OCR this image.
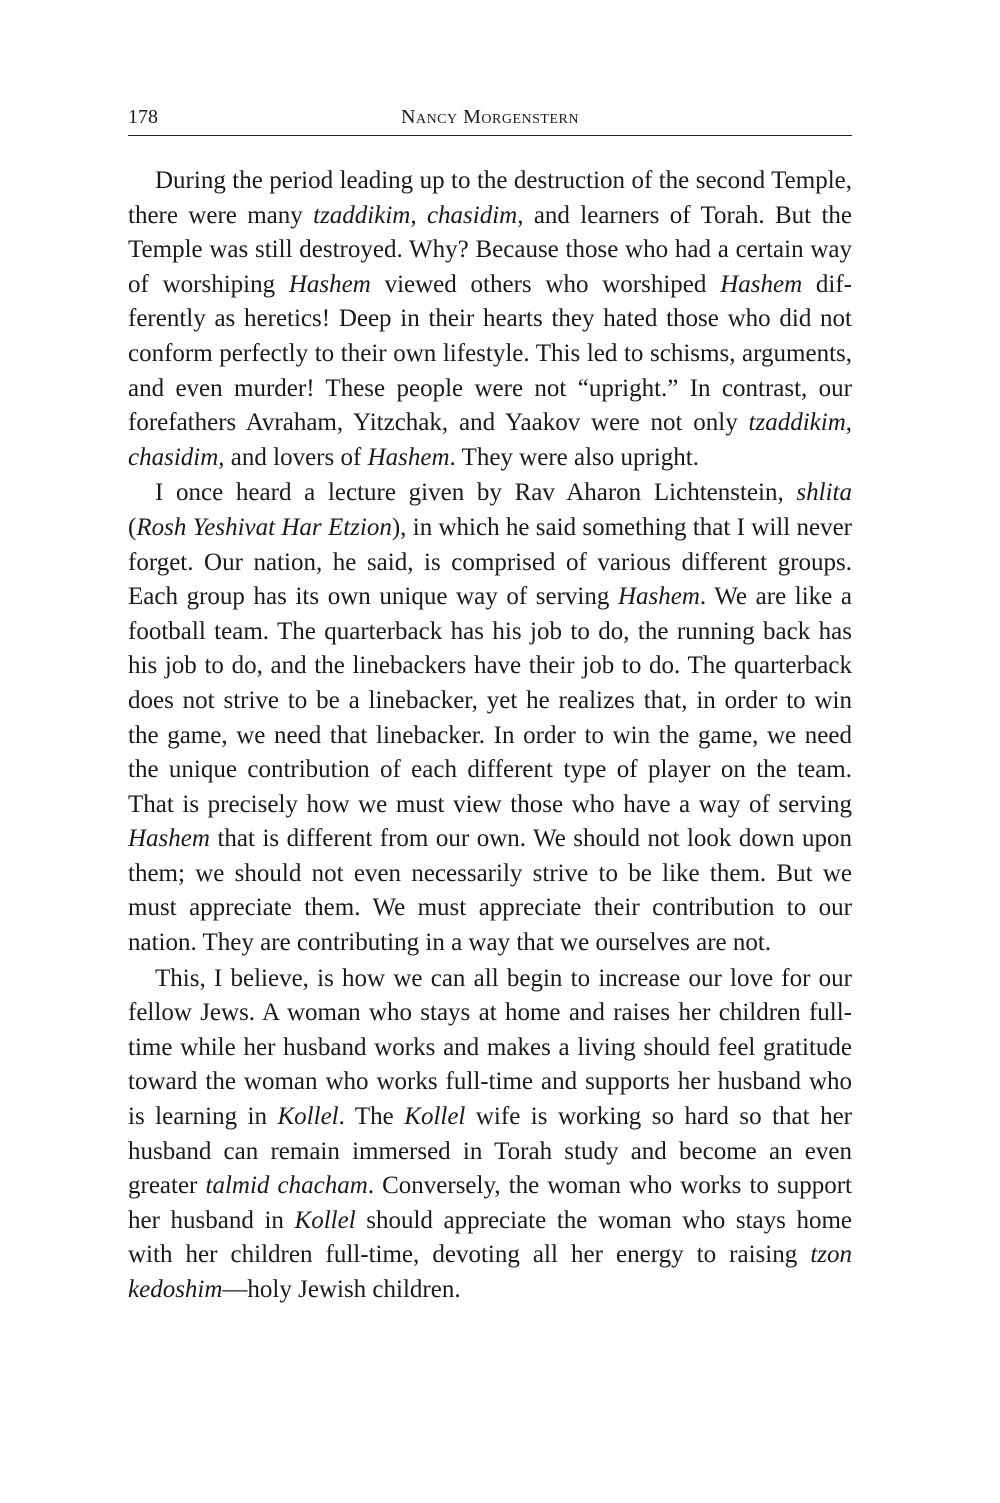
178	Nancy Morgenstern

During the period leading up to the destruction of the second Temple, there were many tzaddikim, chasidim, and learners of Torah. But the Temple was still destroyed. Why? Because those who had a certain way of worshiping Hashem viewed others who worshiped Hashem differently as heretics! Deep in their hearts they hated those who did not conform perfectly to their own lifestyle. This led to schisms, arguments, and even murder! These people were not “upright.” In contrast, our forefathers Avraham, Yitzchak, and Yaakov were not only tzaddikim, chasidim, and lovers of Hashem. They were also upright.

I once heard a lecture given by Rav Aharon Lichtenstein, shlita (Rosh Yeshivat Har Etzion), in which he said something that I will never forget. Our nation, he said, is comprised of various different groups. Each group has its own unique way of serving Hashem. We are like a football team. The quarterback has his job to do, the running back has his job to do, and the linebackers have their job to do. The quarterback does not strive to be a linebacker, yet he realizes that, in order to win the game, we need that linebacker. In order to win the game, we need the unique contribution of each different type of player on the team. That is precisely how we must view those who have a way of serving Hashem that is different from our own. We should not look down upon them; we should not even necessarily strive to be like them. But we must appreciate them. We must appreciate their contribution to our nation. They are contributing in a way that we ourselves are not.

This, I believe, is how we can all begin to increase our love for our fellow Jews. A woman who stays at home and raises her children full-time while her husband works and makes a living should feel gratitude toward the woman who works full-time and supports her husband who is learning in Kollel. The Kollel wife is working so hard so that her husband can remain immersed in Torah study and become an even greater talmid chacham. Conversely, the woman who works to support her husband in Kollel should appreciate the woman who stays home with her children full-time, devoting all her energy to raising tzon kedoshim—holy Jewish children.
